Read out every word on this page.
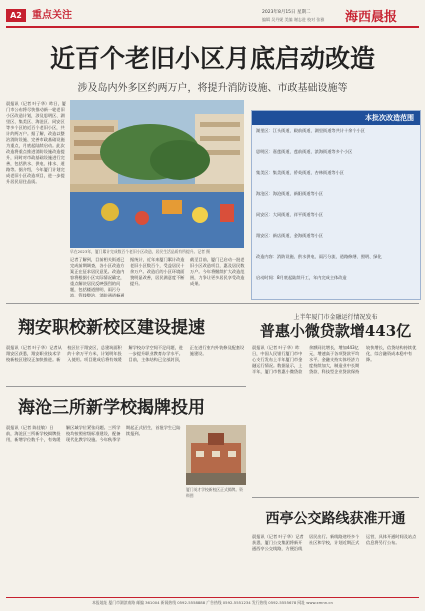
A2	重点关注	2023年8月15日 星期二
编辑 吴丹妮 美编 谢志进 校对 张雅 海西晨报
近百个老旧小区月底启动改造
涉及岛内外多区约两万户，将提升消防设施、市政基础设施等
晨报讯（记者 叶子华）昨日，厦门市公布将尽快推动新一轮老旧小区改造计划，涉及思明区、湖里区、集美区、海沧区、同安区等多个区的近百个老旧小区，共计约两万户。据了解，改造以整治消防设施、完善市政基础设施为重点，月底起陆续启动。此次改造将重点推进消防设施改造提升，同时对市政基础设施进行完善，包括供水、供电、排水、道路等。据介绍，今年厦门计划完成老旧小区改造项目，进一步提升居民居住品质。
早在2023年，厦门累计完成数百个老旧小区改造，居民生活品质有所提升。记者 摄
记者了解到，目前相关街道已完成前期调查，各小区改造方案正在征求居民意见。改造内容将根据小区实际情况确定，重点解决居民反映强烈的问题，包括楼道照明、雨污分流、管线整治、消防通道畅通
据统计，近年来厦门累计改造老旧小区数百个，受益居民十余万户。改造后的小区环境面貌明显改善，居民满意度不断提升。
截至目前，厦门已启动一批老旧小区改造项目，惠及居民数万户。今年将继续扩大改造范围，力争让更多居民享受改造成果。
本批次改造范围
湖里区：江头街道、殿前街道、湖里街道等共计十余个小区
思明区：嘉莲街道、莲前街道、滨海街道等多个小区
集美区：集美街道、侨英街道、杏林街道等小区
海沧区：海沧街道、新阳街道等小区
同安区：大同街道、祥平街道等小区
翔安区：新店街道、金海街道等小区
改造内容：消防设施、供水供电、雨污分流、道路修缮、照明、绿化
启动时间：8月底起陆续开工，年内完成主体改造
翔安职校新校区建设提速
晨报讯（记者 叶子华）记者从翔安区获悉，翔安职业技术学校新校区建设正加快推进。新校区位于翔安区，总建筑面积约十余万平方米，计划明年投入使用。项目建成后将有效缓解学校办学空间不足问题，进一步提升职业教育办学水平。目前，主体结构已全部封顶，正在进行室内外装修及配套设施建设。
海沧三所新学校揭牌投用
晨报讯（记者 陈佳敏）日前，海沧区三所新学校揭牌投用，新增学位数千个，有效缓解区域学位紧张问题。三所学校均按照省级标准建设，配备现代化教学设施。今年秋季学期起正式招生，首批学生已陆续报到。
厦门英才学校新校区正式揭牌。资料图
上半年厦门市金融运行情况发布
普惠小微贷款增443亿
晨报讯（记者 叶子华）昨日，中国人民银行厦门市中心支行发布上半年厦门市金融运行情况。数据显示，上半年，厦门市普惠小微贷款余额同比增长，增加443亿元，增速高于各项贷款平均水平。金融支持实体经济力度持续加大，制造业中长期贷款、科技型企业贷款保持较快增长，信贷结构持续优化，综合融资成本稳中有降。
西亭公交路线获准开通
晨报讯（记者 叶子华）记者获悉，厦门公交集团将新开通西亭公交线路，方便沿线居民出行。新线路途经多个社区和学校，计划近期正式运营，具体开通时间及站点信息将另行公布。
本报地址 厦门市湖滨南路 邮编 361004 新闻热线 0592-5558888 广告热线 0592-5551234 发行热线 0592-5555678 网址 www.xmnn.cn
